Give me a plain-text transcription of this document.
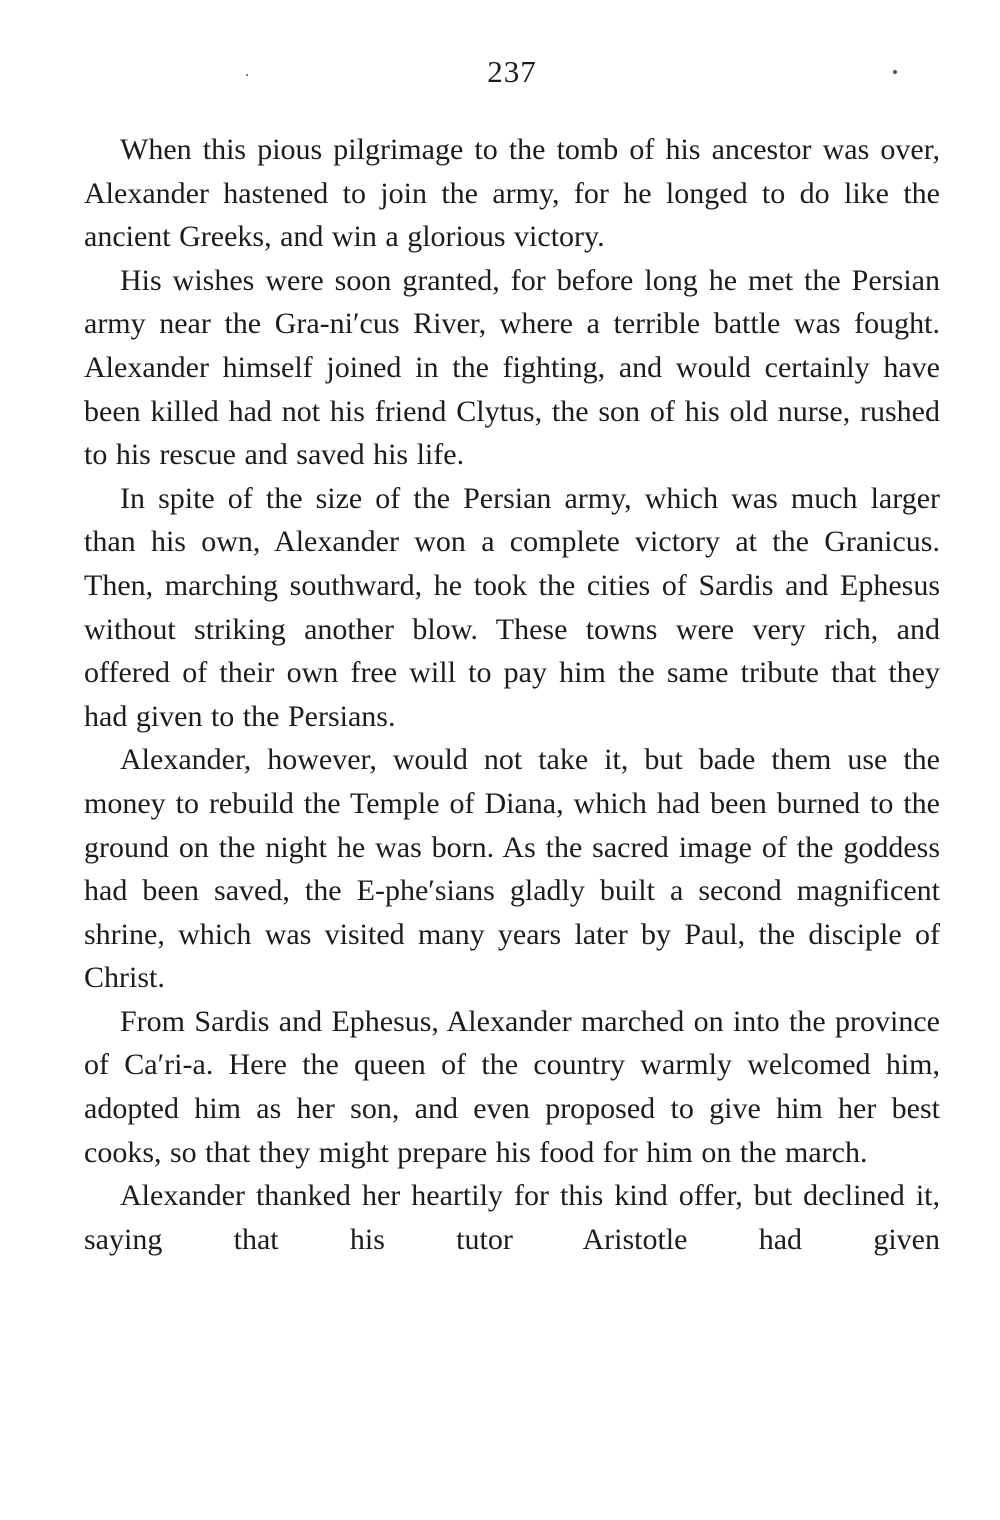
237

When this pious pilgrimage to the tomb of his ancestor was over, Alexander hastened to join the army, for he longed to do like the ancient Greeks, and win a glorious victory.

His wishes were soon granted, for before long he met the Persian army near the Gra-ni′cus River, where a terrible battle was fought. Alexander himself joined in the fighting, and would certainly have been killed had not his friend Clytus, the son of his old nurse, rushed to his rescue and saved his life.

In spite of the size of the Persian army, which was much larger than his own, Alexander won a complete victory at the Granicus. Then, marching southward, he took the cities of Sardis and Ephesus without striking another blow. These towns were very rich, and offered of their own free will to pay him the same tribute that they had given to the Persians.

Alexander, however, would not take it, but bade them use the money to rebuild the Temple of Diana, which had been burned to the ground on the night he was born. As the sacred image of the goddess had been saved, the E-phe′sians gladly built a second magnificent shrine, which was visited many years later by Paul, the disciple of Christ.

From Sardis and Ephesus, Alexander marched on into the province of Ca′ri-a. Here the queen of the country warmly welcomed him, adopted him as her son, and even proposed to give him her best cooks, so that they might prepare his food for him on the march.

Alexander thanked her heartily for this kind offer, but declined it, saying that his tutor Aristotle had given
